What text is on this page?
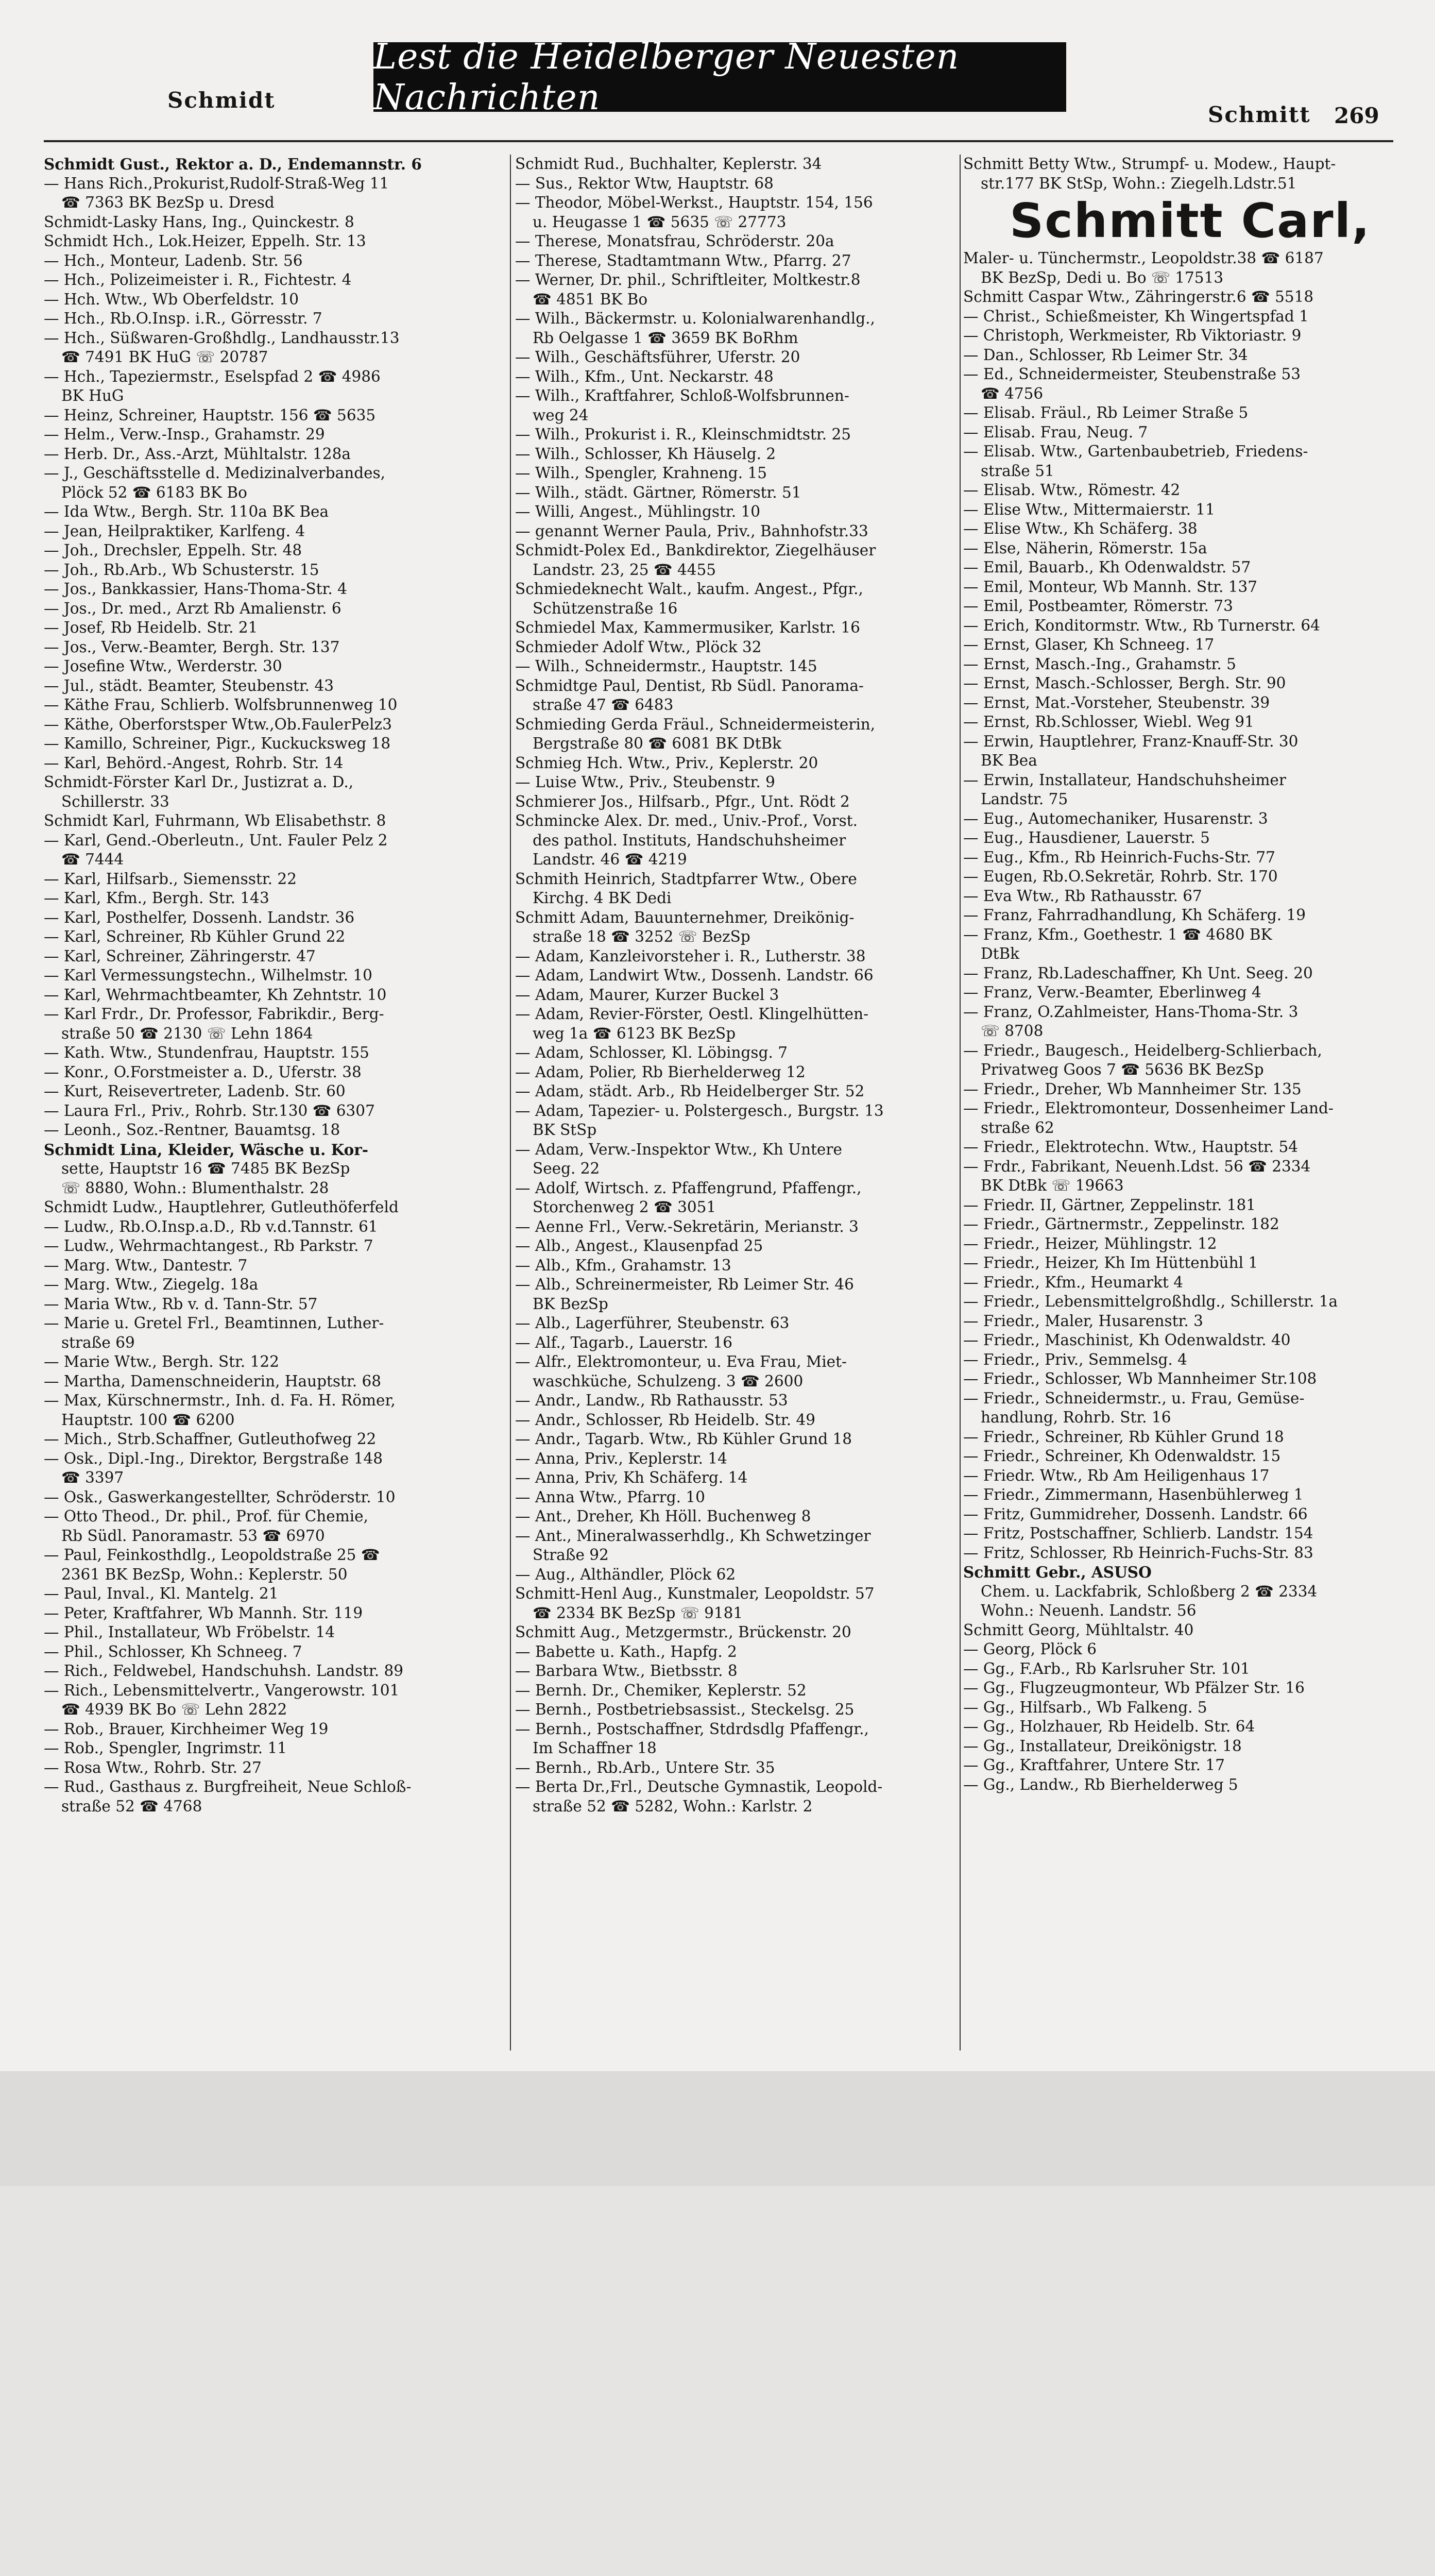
Lest die Heidelberger Neuesten Nachrichten
Schmidt
Schmitt 269
Schmidt Gust., Rektor a. D., Endemannstr. 6
— Hans Rich.,Prokurist,Rudolf-Straß-Weg 11
☎ 7363 BK BezSp u. Dresd
Schmidt-Lasky Hans, Ing., Quinckestr. 8
Schmidt Hch., Lok.Heizer, Eppelh. Str. 13
— Hch., Monteur, Ladenb. Str. 56
— Hch., Polizeimeister i. R., Fichtestr. 4
— Hch. Wtw., Wb Oberfeldstr. 10
— Hch., Rb.O.Insp. i.R., Görresstr. 7
— Hch., Süßwaren-Großhdlg., Landhausstr.13
☎ 7491 BK HuG ☏ 20787
— Hch., Tapeziermstr., Eselspfad 2 ☎ 4986
BK HuG
— Heinz, Schreiner, Hauptstr. 156 ☎ 5635
— Helm., Verw.-Insp., Grahamstr. 29
— Herb. Dr., Ass.-Arzt, Mühltalstr. 128a
— J., Geschäftsstelle d. Medizinalverbandes,
Plöck 52 ☎ 6183 BK Bo
— Ida Wtw., Bergh. Str. 110a BK Bea
— Jean, Heilpraktiker, Karlfeng. 4
— Joh., Drechsler, Eppelh. Str. 48
— Joh., Rb.Arb., Wb Schusterstr. 15
— Jos., Bankkassier, Hans-Thoma-Str. 4
— Jos., Dr. med., Arzt Rb Amalienstr. 6
— Josef, Rb Heidelb. Str. 21
— Jos., Verw.-Beamter, Bergh. Str. 137
— Josefine Wtw., Werderstr. 30
— Jul., städt. Beamter, Steubenstr. 43
— Käthe Frau, Schlierb. Wolfsbrunnenweg 10
— Käthe, Oberforstsper Wtw.,Ob.FaulerPelz3
— Kamillo, Schreiner, Pigr., Kuckucksweg 18
— Karl, Behörd.-Angest, Rohrb. Str. 14
Schmidt-Förster Karl Dr., Justizrat a. D.,
Schillerstr. 33
Schmidt Karl, Fuhrmann, Wb Elisabethstr. 8
— Karl, Gend.-Oberleutn., Unt. Fauler Pelz 2
☎ 7444
— Karl, Hilfsarb., Siemensstr. 22
— Karl, Kfm., Bergh. Str. 143
— Karl, Posthelfer, Dossenh. Landstr. 36
— Karl, Schreiner, Rb Kühler Grund 22
— Karl, Schreiner, Zähringerstr. 47
— Karl Vermessungstechn., Wilhelmstr. 10
— Karl, Wehrmachtbeamter, Kh Zehntstr. 10
— Karl Frdr., Dr. Professor, Fabrikdir., Berg-
straße 50 ☎ 2130 ☏ Lehn 1864
— Kath. Wtw., Stundenfrau, Hauptstr. 155
— Konr., O.Forstmeister a. D., Uferstr. 38
— Kurt, Reisevertreter, Ladenb. Str. 60
— Laura Frl., Priv., Rohrb. Str.130 ☎ 6307
— Leonh., Soz.-Rentner, Bauamtsg. 18
Schmidt Lina, Kleider, Wäsche u. Kor-
sette, Hauptstr 16 ☎ 7485 BK BezSp
☏ 8880, Wohn.: Blumenthalstr. 28
Schmidt Ludw., Hauptlehrer, Gutleuthöferfeld
— Ludw., Rb.O.Insp.a.D., Rb v.d.Tannstr. 61
— Ludw., Wehrmachtangest., Rb Parkstr. 7
— Marg. Wtw., Dantestr. 7
— Marg. Wtw., Ziegelg. 18a
— Maria Wtw., Rb v. d. Tann-Str. 57
— Marie u. Gretel Frl., Beamtinnen, Luther-
straße 69
— Marie Wtw., Bergh. Str. 122
— Martha, Damenschneiderin, Hauptstr. 68
— Max, Kürschnermstr., Inh. d. Fa. H. Römer,
Hauptstr. 100 ☎ 6200
— Mich., Strb.Schaffner, Gutleuthofweg 22
— Osk., Dipl.-Ing., Direktor, Bergstraße 148
☎ 3397
— Osk., Gaswerkangestellter, Schröderstr. 10
— Otto Theod., Dr. phil., Prof. für Chemie,
Rb Südl. Panoramastr. 53 ☎ 6970
— Paul, Feinkosthdlg., Leopoldstraße 25 ☎
2361 BK BezSp, Wohn.: Keplerstr. 50
— Paul, Inval., Kl. Mantelg. 21
— Peter, Kraftfahrer, Wb Mannh. Str. 119
— Phil., Installateur, Wb Fröbelstr. 14
— Phil., Schlosser, Kh Schneeg. 7
— Rich., Feldwebel, Handschuhsh. Landstr. 89
— Rich., Lebensmittelvertr., Vangerowstr. 101
☎ 4939 BK Bo ☏ Lehn 2822
— Rob., Brauer, Kirchheimer Weg 19
— Rob., Spengler, Ingrimstr. 11
— Rosa Wtw., Rohrb. Str. 27
— Rud., Gasthaus z. Burgfreiheit, Neue Schloß-
straße 52 ☎ 4768
Schmidt Rud., Buchhalter, Keplerstr. 34
— Sus., Rektor Wtw, Hauptstr. 68
— Theodor, Möbel-Werkst., Hauptstr. 154, 156
u. Heugasse 1 ☎ 5635 ☏ 27773
— Therese, Monatsfrau, Schröderstr. 20a
— Therese, Stadtamtmann Wtw., Pfarrg. 27
— Werner, Dr. phil., Schriftleiter, Moltkestr.8
☎ 4851 BK Bo
— Wilh., Bäckermstr. u. Kolonialwarenhandlg.,
Rb Oelgasse 1 ☎ 3659 BK BoRhm
— Wilh., Geschäftsführer, Uferstr. 20
— Wilh., Kfm., Unt. Neckarstr. 48
— Wilh., Kraftfahrer, Schloß-Wolfsbrunnen-
weg 24
— Wilh., Prokurist i. R., Kleinschmidtstr. 25
— Wilh., Schlosser, Kh Häuselg. 2
— Wilh., Spengler, Krahneng. 15
— Wilh., städt. Gärtner, Römerstr. 51
— Willi, Angest., Mühlingstr. 10
— genannt Werner Paula, Priv., Bahnhofstr.33
Schmidt-Polex Ed., Bankdirektor, Ziegelhäuser
Landstr. 23, 25 ☎ 4455
Schmiedeknecht Walt., kaufm. Angest., Pfgr.,
Schützenstraße 16
Schmiedel Max, Kammermusiker, Karlstr. 16
Schmieder Adolf Wtw., Plöck 32
— Wilh., Schneidermstr., Hauptstr. 145
Schmidtge Paul, Dentist, Rb Südl. Panorama-
straße 47 ☎ 6483
Schmieding Gerda Fräul., Schneidermeisterin,
Bergstraße 80 ☎ 6081 BK DtBk
Schmieg Hch. Wtw., Priv., Keplerstr. 20
— Luise Wtw., Priv., Steubenstr. 9
Schmierer Jos., Hilfsarb., Pfgr., Unt. Rödt 2
Schmincke Alex. Dr. med., Univ.-Prof., Vorst.
des pathol. Instituts, Handschuhsheimer
Landstr. 46 ☎ 4219
Schmith Heinrich, Stadtpfarrer Wtw., Obere
Kirchg. 4 BK Dedi
Schmitt Adam, Bauunternehmer, Dreikönig-
straße 18 ☎ 3252 ☏ BezSp
— Adam, Kanzleivorsteher i. R., Lutherstr. 38
— Adam, Landwirt Wtw., Dossenh. Landstr. 66
— Adam, Maurer, Kurzer Buckel 3
— Adam, Revier-Förster, Oestl. Klingelhütten-
weg 1a ☎ 6123 BK BezSp
— Adam, Schlosser, Kl. Löbingsg. 7
— Adam, Polier, Rb Bierhelderweg 12
— Adam, städt. Arb., Rb Heidelberger Str. 52
— Adam, Tapezier- u. Polstergesch., Burgstr. 13
BK StSp
— Adam, Verw.-Inspektor Wtw., Kh Untere
Seeg. 22
— Adolf, Wirtsch. z. Pfaffengrund, Pfaffengr.,
Storchenweg 2 ☎ 3051
— Aenne Frl., Verw.-Sekretärin, Merianstr. 3
— Alb., Angest., Klausenpfad 25
— Alb., Kfm., Grahamstr. 13
— Alb., Schreinermeister, Rb Leimer Str. 46
BK BezSp
— Alb., Lagerführer, Steubenstr. 63
— Alf., Tagarb., Lauerstr. 16
— Alfr., Elektromonteur, u. Eva Frau, Miet-
waschküche, Schulzeng. 3 ☎ 2600
— Andr., Landw., Rb Rathausstr. 53
— Andr., Schlosser, Rb Heidelb. Str. 49
— Andr., Tagarb. Wtw., Rb Kühler Grund 18
— Anna, Priv., Keplerstr. 14
— Anna, Priv, Kh Schäferg. 14
— Anna Wtw., Pfarrg. 10
— Ant., Dreher, Kh Höll. Buchenweg 8
— Ant., Mineralwasserhdlg., Kh Schwetzinger
Straße 92
— Aug., Althändler, Plöck 62
Schmitt-Henl Aug., Kunstmaler, Leopoldstr. 57
☎ 2334 BK BezSp ☏ 9181
Schmitt Aug., Metzgermstr., Brückenstr. 20
— Babette u. Kath., Hapfg. 2
— Barbara Wtw., Bietbsstr. 8
— Bernh. Dr., Chemiker, Keplerstr. 52
— Bernh., Postbetriebsassist., Steckelsg. 25
— Bernh., Postschaffner, Stdrdsdlg Pfaffengr.,
Im Schaffner 18
— Bernh., Rb.Arb., Untere Str. 35
— Berta Dr.,Frl., Deutsche Gymnastik, Leopold-
straße 52 ☎ 5282, Wohn.: Karlstr. 2
Schmitt Betty Wtw., Strumpf- u. Modew., Haupt-
str.177 BK StSp, Wohn.: Ziegelh.Ldstr.51
Schmitt Carl,
Maler- u. Tünchermstr., Leopoldstr.38 ☎ 6187
BK BezSp, Dedi u. Bo ☏ 17513
Schmitt Caspar Wtw., Zähringerstr.6 ☎ 5518
— Christ., Schießmeister, Kh Wingertspfad 1
— Christoph, Werkmeister, Rb Viktoriastr. 9
— Dan., Schlosser, Rb Leimer Str. 34
— Ed., Schneidermeister, Steubenstraße 53
☎ 4756
— Elisab. Fräul., Rb Leimer Straße 5
— Elisab. Frau, Neug. 7
— Elisab. Wtw., Gartenbaubetrieb, Friedens-
straße 51
— Elisab. Wtw., Römestr. 42
— Elise Wtw., Mittermaierstr. 11
— Elise Wtw., Kh Schäferg. 38
— Else, Näherin, Römerstr. 15a
— Emil, Bauarb., Kh Odenwaldstr. 57
— Emil, Monteur, Wb Mannh. Str. 137
— Emil, Postbeamter, Römerstr. 73
— Erich, Konditormstr. Wtw., Rb Turnerstr. 64
— Ernst, Glaser, Kh Schneeg. 17
— Ernst, Masch.-Ing., Grahamstr. 5
— Ernst, Masch.-Schlosser, Bergh. Str. 90
— Ernst, Mat.-Vorsteher, Steubenstr. 39
— Ernst, Rb.Schlosser, Wiebl. Weg 91
— Erwin, Hauptlehrer, Franz-Knauff-Str. 30
BK Bea
— Erwin, Installateur, Handschuhsheimer
Landstr. 75
— Eug., Automechaniker, Husarenstr. 3
— Eug., Hausdiener, Lauerstr. 5
— Eug., Kfm., Rb Heinrich-Fuchs-Str. 77
— Eugen, Rb.O.Sekretär, Rohrb. Str. 170
— Eva Wtw., Rb Rathausstr. 67
— Franz, Fahrradhandlung, Kh Schäferg. 19
— Franz, Kfm., Goethestr. 1 ☎ 4680 BK
DtBk
— Franz, Rb.Ladeschaffner, Kh Unt. Seeg. 20
— Franz, Verw.-Beamter, Eberlinweg 4
— Franz, O.Zahlmeister, Hans-Thoma-Str. 3
☏ 8708
— Friedr., Baugesch., Heidelberg-Schlierbach,
Privatweg Goos 7 ☎ 5636 BK BezSp
— Friedr., Dreher, Wb Mannheimer Str. 135
— Friedr., Elektromonteur, Dossenheimer Land-
straße 62
— Friedr., Elektrotechn. Wtw., Hauptstr. 54
— Frdr., Fabrikant, Neuenh.Ldst. 56 ☎ 2334
BK DtBk ☏ 19663
— Friedr. II, Gärtner, Zeppelinstr. 181
— Friedr., Gärtnermstr., Zeppelinstr. 182
— Friedr., Heizer, Mühlingstr. 12
— Friedr., Heizer, Kh Im Hüttenbühl 1
— Friedr., Kfm., Heumarkt 4
— Friedr., Lebensmittelgroßhdlg., Schillerstr. 1a
— Friedr., Maler, Husarenstr. 3
— Friedr., Maschinist, Kh Odenwaldstr. 40
— Friedr., Priv., Semmelsg. 4
— Friedr., Schlosser, Wb Mannheimer Str.108
— Friedr., Schneidermstr., u. Frau, Gemüse-
handlung, Rohrb. Str. 16
— Friedr., Schreiner, Rb Kühler Grund 18
— Friedr., Schreiner, Kh Odenwaldstr. 15
— Friedr. Wtw., Rb Am Heiligenhaus 17
— Friedr., Zimmermann, Hasenbühlerweg 1
— Fritz, Gummidreher, Dossenh. Landstr. 66
— Fritz, Postschaffner, Schlierb. Landstr. 154
— Fritz, Schlosser, Rb Heinrich-Fuchs-Str. 83
Schmitt Gebr., ASUSO
Chem. u. Lackfabrik, Schloßberg 2 ☎ 2334
Wohn.: Neuenh. Landstr. 56
Schmitt Georg, Mühltalstr. 40
— Georg, Plöck 6
— Gg., F.Arb., Rb Karlsruher Str. 101
— Gg., Flugzeugmonteur, Wb Pfälzer Str. 16
— Gg., Hilfsarb., Wb Falkeng. 5
— Gg., Holzhauer, Rb Heidelb. Str. 64
— Gg., Installateur, Dreikönigstr. 18
— Gg., Kraftfahrer, Untere Str. 17
— Gg., Landw., Rb Bierhelderweg 5
